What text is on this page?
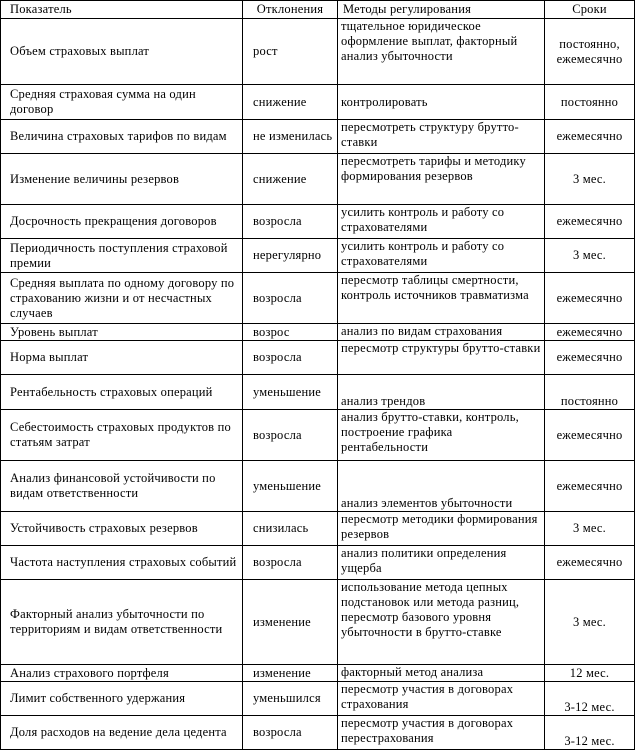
Показатель	Отклонения	Методы регулирования	Сроки
Объем страховых выплат	рост	тщательное юридическое оформление выплат, факторный анализ убыточности	постоянно, ежемесячно
Средняя страховая сумма на один договор	снижение	контролировать	постоянно
Величина страховых тарифов по видам	не изменилась	пересмотреть структуру брутто-ставки	ежемесячно
Изменение величины резервов	снижение	пересмотреть тарифы и методику формирования резервов	3 мес.
Досрочность прекращения договоров	возросла	усилить контроль и работу со страхователями	ежемесячно
Периодичность поступления страховой премии	нерегулярно	усилить контроль и работу со страхователями	3 мес.
Средняя выплата по одному договору по страхованию жизни и от несчастных случаев	возросла	пересмотр таблицы смертности, контроль источников травматизма	ежемесячно
Уровень выплат	возрос	анализ по видам страхования	ежемесячно
Норма выплат	возросла	пересмотр структуры брутто-ставки	ежемесячно
Рентабельность страховых операций	уменьшение	анализ трендов	постоянно
Себестоимость страховых продуктов по статьям затрат	возросла	анализ брутто-ставки, контроль, построение графика рентабельности	ежемесячно
Анализ финансовой устойчивости по видам ответственности	уменьшение	анализ элементов убыточности	ежемесячно
Устойчивость страховых резервов	снизилась	пересмотр методики формирования резервов	3 мес.
Частота наступления страховых событий	возросла	анализ политики определения ущерба	ежемесячно
Факторный анализ убыточности по территориям и видам ответственности	изменение	использование метода цепных подстановок или метода разниц, пересмотр базового уровня убыточности в брутто-ставке	3 мес.
Анализ страхового портфеля	изменение	факторный метод анализа	12 мес.
Лимит собственного удержания	уменьшился	пересмотр участия в договорах страхования	3-12 мес.
Доля расходов на ведение дела цедента	возросла	пересмотр участия в договорах перестрахования	3-12 мес.
